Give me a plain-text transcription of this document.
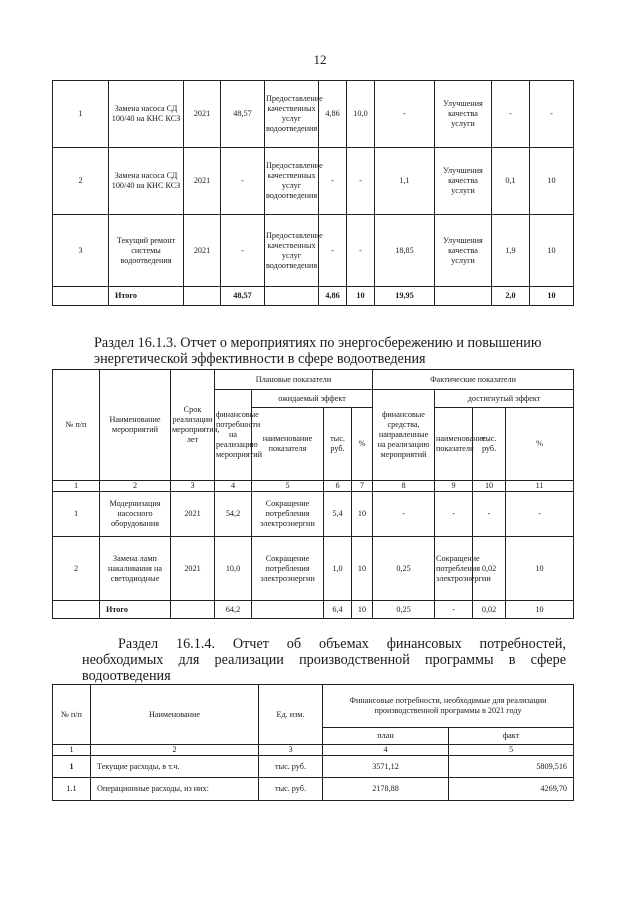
12
1	Замена насоса СД 100/40 на КНС КСЗ	2021	48,57	Предоставление качественных услуг водоотведения	4,86	10,0	-	Улучшения качества услуги	-	-
2	Замена насоса СД 100/40 на КНС КСЗ	2021	-	Предоставление качественных услуг водоотведения	-	-	1,1	Улучшения качества услуги	0,1	10
3	Текущий ремонт системы водоотведения	2021	-	Предоставление качественных услуг водоотведения	-	-	18,85	Улучшения качества услуги	1,9	10
	Итого		48,57		4,86	10	19,95		2,0	10

Раздел 16.1.3. Отчет о мероприятиях по энергосбережению и повышению

энергетической эффективности в сфере водоотведения

№ п/п	Наименование мероприятий	Срок реализации мероприятия, лет	Плановые показатели				Фактические показатели			
			финансовые потребности на реализацию мероприятий	ожидаемый эффект			финансовые средства, направленные на реализацию мероприятий	достигнутый эффект		
				наименование показателя	тыс. руб.	%		наименование показателя	тыс. руб.	%
1	2	3	4	5	6	7	8	9	10	11
1	Модернизация насосного оборудования	2021	54,2	Сокращение потребления электроэнергии	5,4	10	-	-	-	-
2	Замена ламп накаливания на светодиодные	2021	10,0	Сокращение потребления электроэнергии	1,0	10	0,25	Сокращение потребления электроэнергии	0,02	10
	Итого		64,2		6,4	10	0,25	-	0,02	10

Раздел 16.1.4. Отчет об объемах финансовых потребностей,

необходимых для реализации производственной программы в сфере

водоотведения

№ п/п	Наименование	Ед. изм.	Финансовые потребности, необходимые для реализации производственной программы в 2021 году	
			план	факт
1	2	3	4	5
1	Текущие расходы, в т.ч.	тыс. руб.	3571,12	5809,516
1.1	Операционные расходы, из них:	тыс. руб.	2178,88	4269,70
